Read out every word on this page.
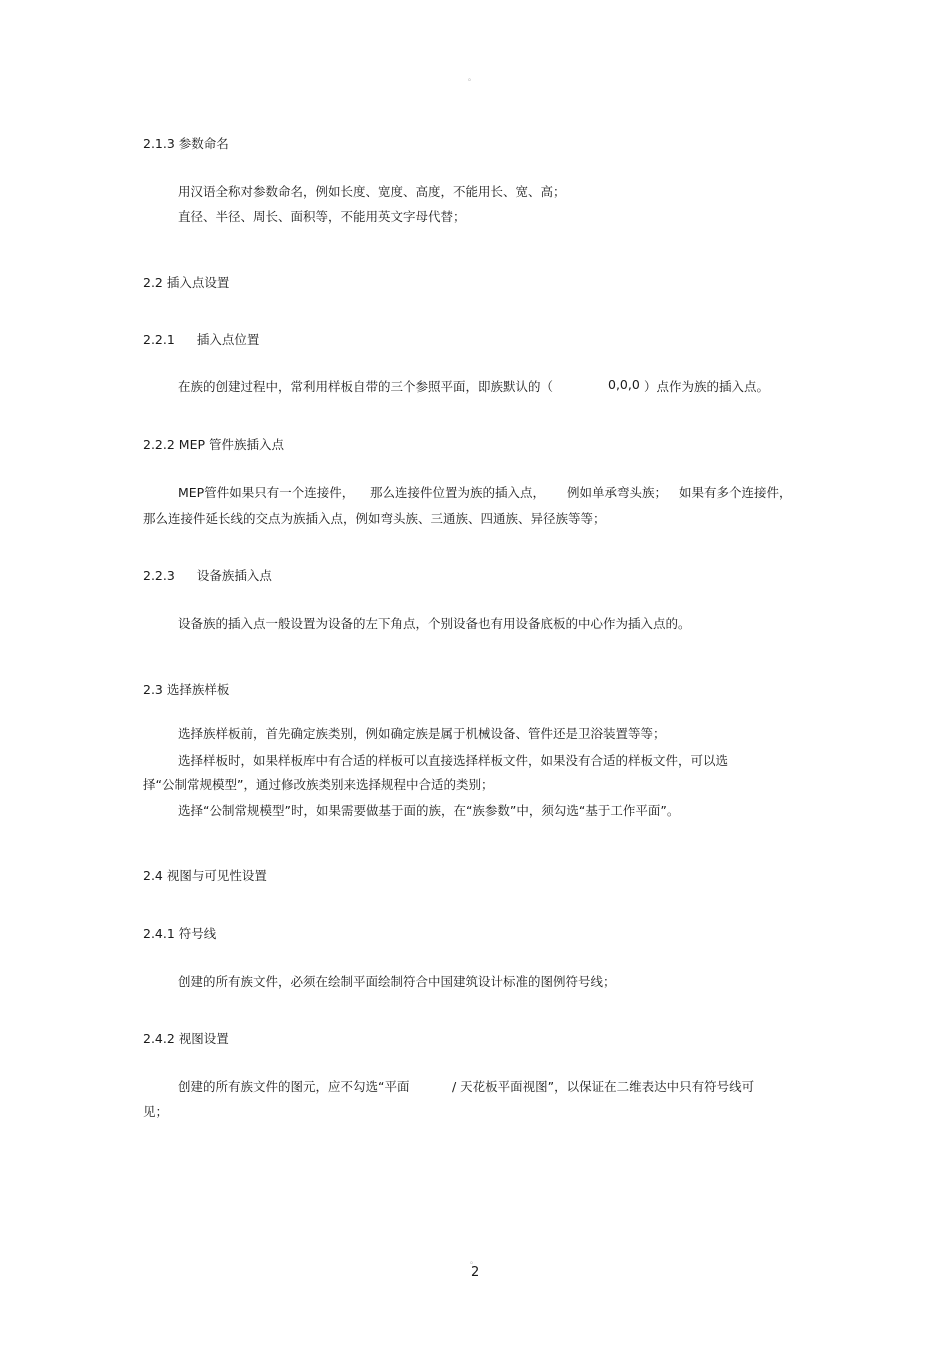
。
2.1.3 参数命名
用汉语全称对参数命名，例如长度、宽度、高度，不能用长、宽、高；
直径、半径、周长、面积等，不能用英文字母代替；
2.2 插入点设置
2.2.1 插入点位置
在族的创建过程中，常利用样板自带的三个参照平面，即族默认的（	0,0,0 ）点作为族的插入点。
2.2.2 MEP 管件族插入点
MEP管件如果只有一个连接件， 那么连接件位置为族的插入点， 例如单承弯头族； 如果有多个连接件，
那么连接件延长线的交点为族插入点，例如弯头族、三通族、四通族、异径族等等；
2.2.3 设备族插入点
设备族的插入点一般设置为设备的左下角点，个别设备也有用设备底板的中心作为插入点的。
2.3 选择族样板
选择族样板前，首先确定族类别，例如确定族是属于机械设备、管件还是卫浴装置等等；
选择样板时，如果样板库中有合适的样板可以直接选择样板文件，如果没有合适的样板文件，可以选
择“公制常规模型”，通过修改族类别来选择规程中合适的类别；
选择“公制常规模型”时，如果需要做基于面的族，在“族参数”中，须勾选“基于工作平面”。
2.4 视图与可见性设置
2.4.1 符号线
创建的所有族文件，必须在绘制平面绘制符合中国建筑设计标准的图例符号线；
2.4.2 视图设置
创建的所有族文件的图元，应不勾选“平面	/ 天花板平面视图”，以保证在二维表达中只有符号线可
见；
。
2
